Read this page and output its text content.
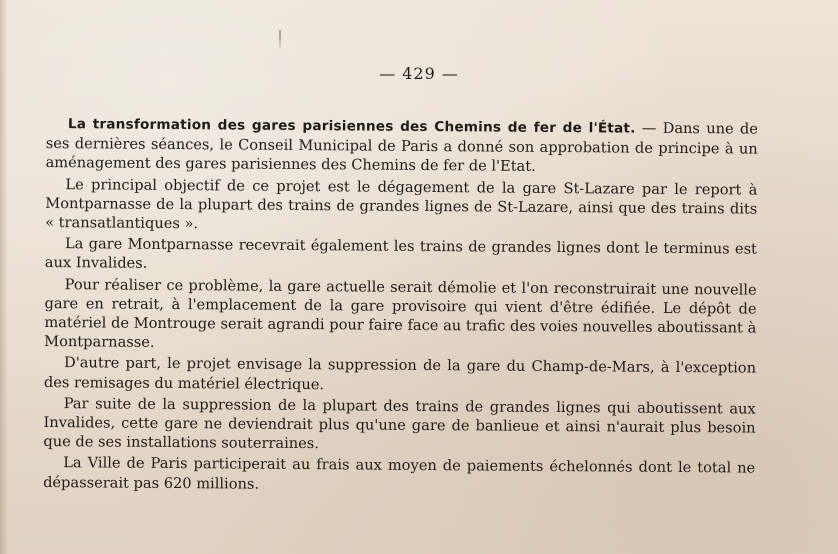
— 429 —

La transformation des gares parisiennes des Chemins de fer de l'État. — Dans une de ses dernières séances, le Conseil Municipal de Paris a donné son approbation de principe à un aménagement des gares parisiennes des Chemins de fer de l'Etat.

Le principal objectif de ce projet est le dégagement de la gare St-Lazare par le report à Montparnasse de la plupart des trains de grandes lignes de St-Lazare, ainsi que des trains dits « transatlantiques ».

La gare Montparnasse recevrait également les trains de grandes lignes dont le terminus est aux Invalides.

Pour réaliser ce problème, la gare actuelle serait démolie et l'on reconstruirait une nouvelle gare en retrait, à l'emplacement de la gare provisoire qui vient d'être édifiée. Le dépôt de matériel de Montrouge serait agrandi pour faire face au trafic des voies nouvelles aboutissant à Montparnasse.

D'autre part, le projet envisage la suppression de la gare du Champ-de-Mars, à l'exception des remisages du matériel électrique.

Par suite de la suppression de la plupart des trains de grandes lignes qui aboutissent aux Invalides, cette gare ne deviendrait plus qu'une gare de banlieue et ainsi n'aurait plus besoin que de ses installations souterraines.

La Ville de Paris participerait au frais aux moyen de paiements échelonnés dont le total ne dépasserait pas 620 millions.
